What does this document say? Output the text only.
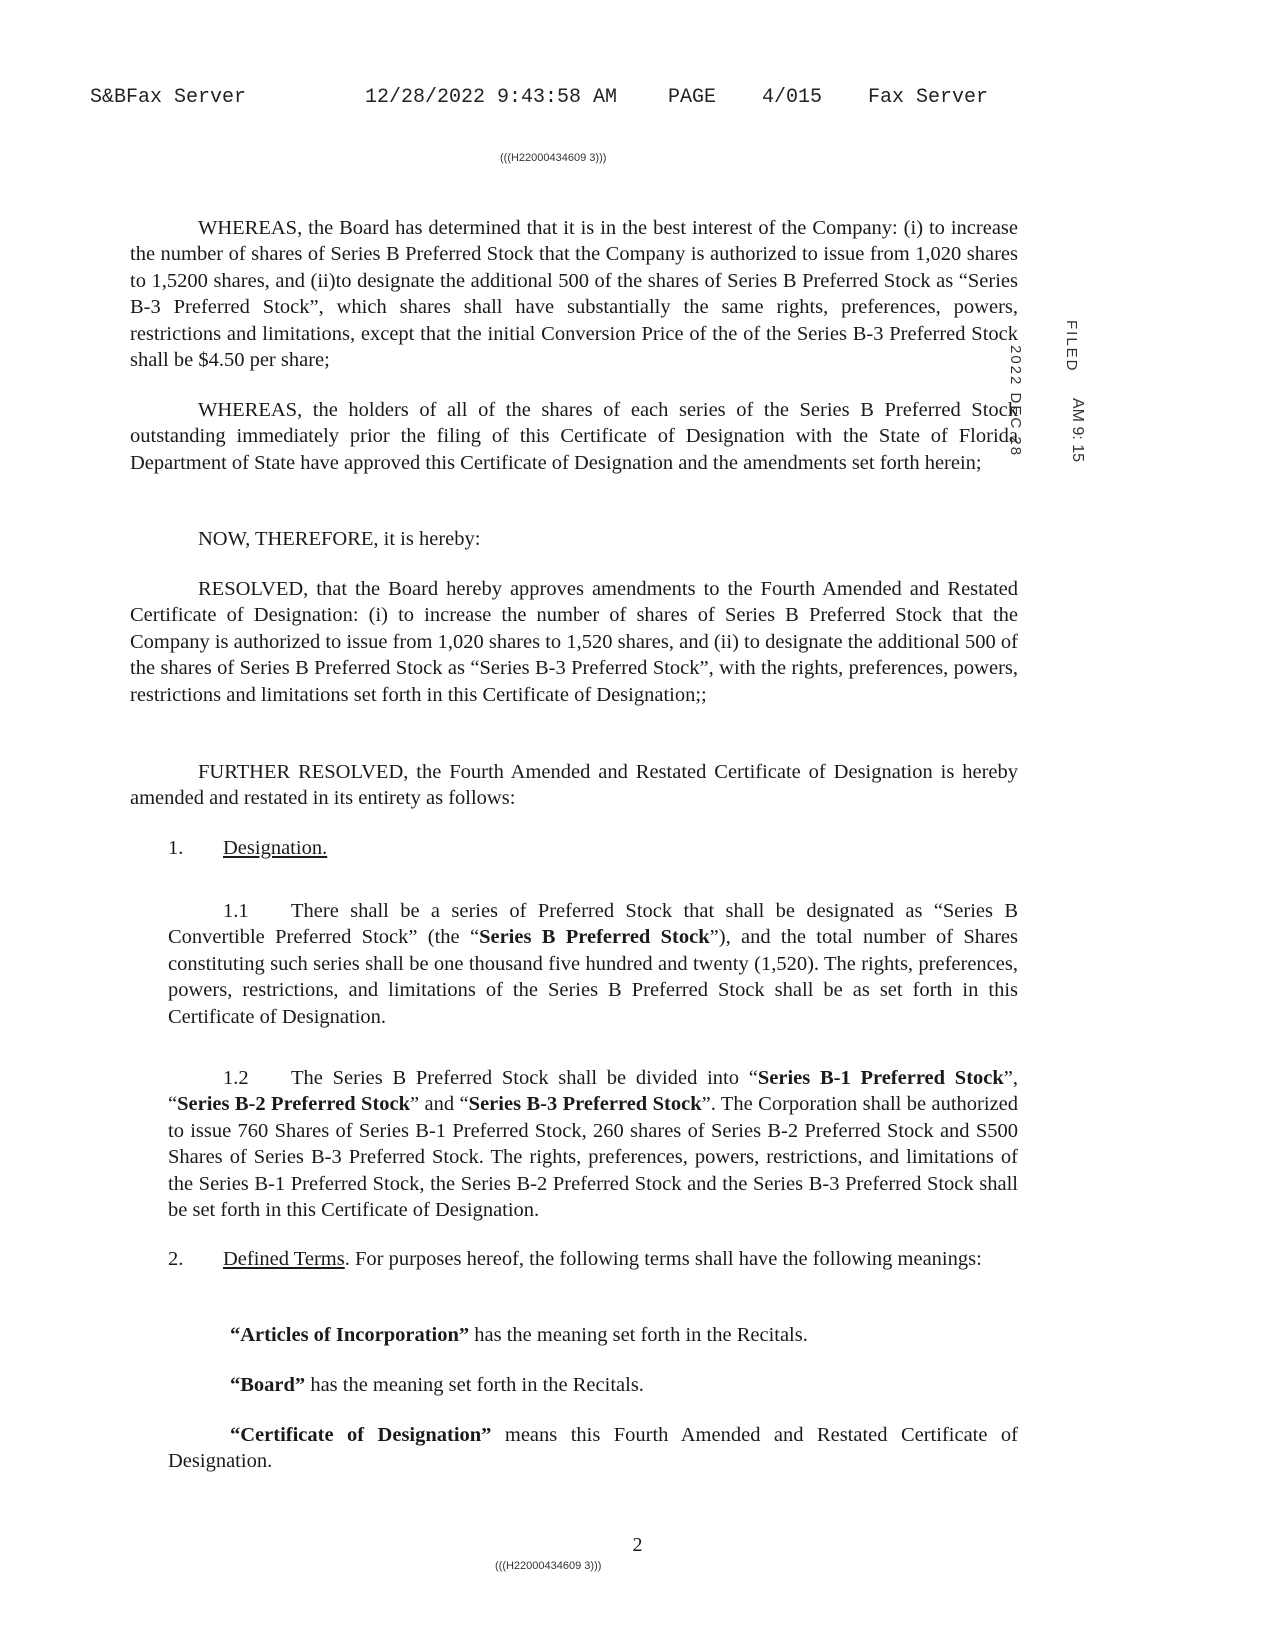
S&BFax Server	12/28/2022 9:43:58 AM	PAGE 4/015 Fax Server
(((H22000434609 3)))

WHEREAS, the Board has determined that it is in the best interest of the Company: (i) to increase the number of shares of Series B Preferred Stock that the Company is authorized to issue from 1,020 shares to 1,5200 shares, and (ii)to designate the additional 500 of the shares of Series B Preferred Stock as “Series B-3 Preferred Stock”, which shares shall have substantially the same rights, preferences, powers, restrictions and limitations, except that the initial Conversion Price of the of the Series B-3 Preferred Stock shall be $4.50 per share;

WHEREAS, the holders of all of the shares of each series of the Series B Preferred Stock outstanding immediately prior the filing of this Certificate of Designation with the State of Florida Department of State have approved this Certificate of Designation and the amendments set forth herein;

NOW, THEREFORE, it is hereby:

RESOLVED, that the Board hereby approves amendments to the Fourth Amended and Restated Certificate of Designation: (i) to increase the number of shares of Series B Preferred Stock that the Company is authorized to issue from 1,020 shares to 1,520 shares, and (ii) to designate the additional 500 of the shares of Series B Preferred Stock as “Series B-3 Preferred Stock”, with the rights, preferences, powers, restrictions and limitations set forth in this Certificate of Designation;;

FURTHER RESOLVED, the Fourth Amended and Restated Certificate of Designation is hereby amended and restated in its entirety as follows:

1. Designation.

1.1 There shall be a series of Preferred Stock that shall be designated as “Series B Convertible Preferred Stock” (the “Series B Preferred Stock”), and the total number of Shares constituting such series shall be one thousand five hundred and twenty (1,520). The rights, preferences, powers, restrictions, and limitations of the Series B Preferred Stock shall be as set forth in this Certificate of Designation.

1.2 The Series B Preferred Stock shall be divided into “Series B-1 Preferred Stock”, “Series B-2 Preferred Stock” and “Series B-3 Preferred Stock”. The Corporation shall be authorized to issue 760 Shares of Series B-1 Preferred Stock, 260 shares of Series B-2 Preferred Stock and S500 Shares of Series B-3 Preferred Stock. The rights, preferences, powers, restrictions, and limitations of the Series B-1 Preferred Stock, the Series B-2 Preferred Stock and the Series B-3 Preferred Stock shall be set forth in this Certificate of Designation.

2. Defined Terms. For purposes hereof, the following terms shall have the following meanings:

“Articles of Incorporation” has the meaning set forth in the Recitals.

“Board” has the meaning set forth in the Recitals.

“Certificate of Designation” means this Fourth Amended and Restated Certificate of Designation.

2022 DEC 28	FILED
AM 9: 15
2
(((H22000434609 3)))
